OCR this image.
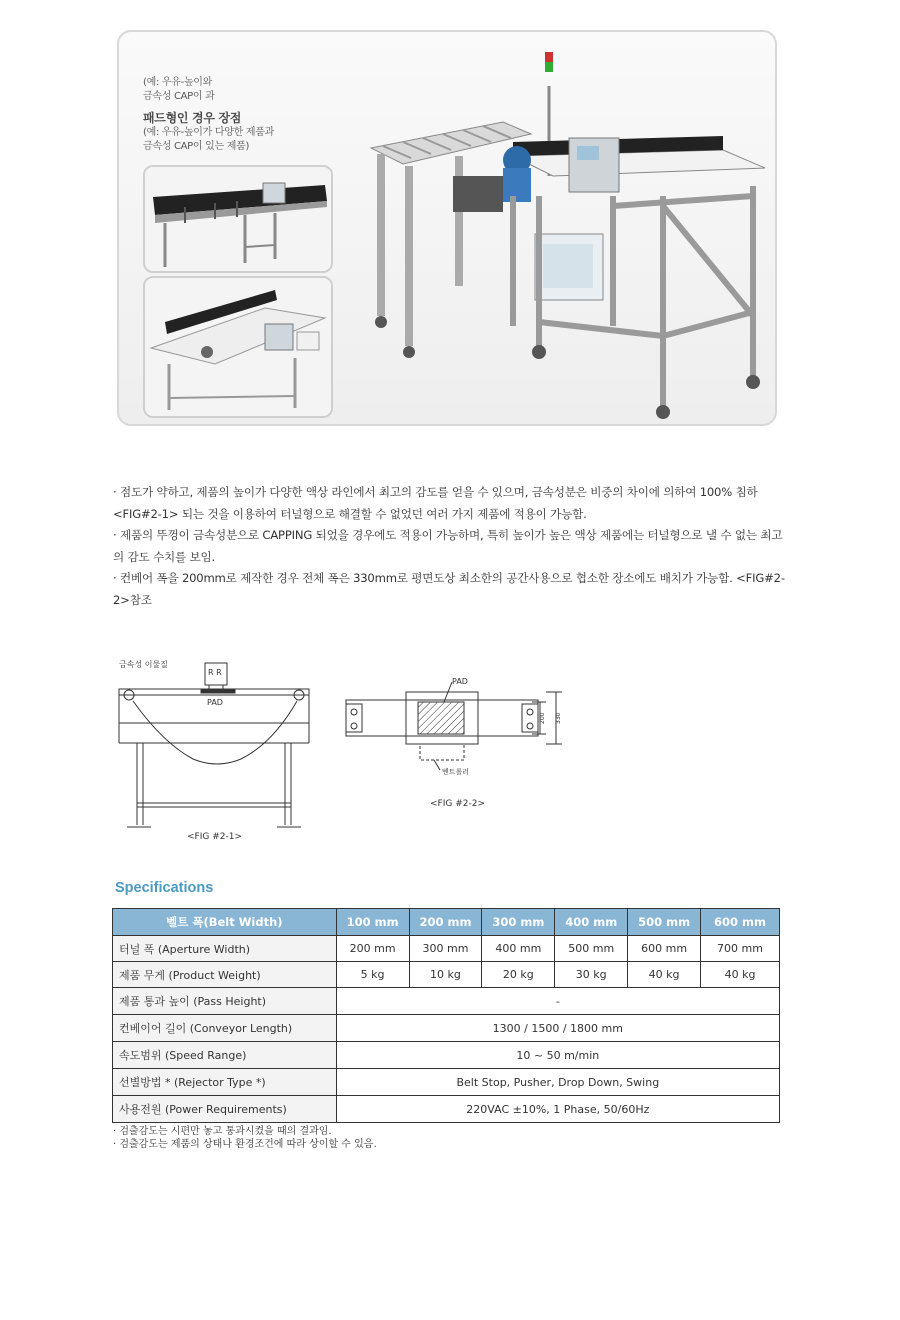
(예: 우유-높이와
금속성 CAP이 과
패드형인 경우 장점
(예: 우유-높이가 다양한 제품과
금속성 CAP이 있는 제품)

· 점도가 약하고, 제품의 높이가 다양한 액상 라인에서 최고의 감도를 얻을 수 있으며, 금속성분은 비중의 차이에 의하여 100% 침하 <FIG#2-1> 되는 것을 이용하여 터널형으로 해결할 수 없었던 여러 가지 제품에 적용이 가능함.

· 제품의 뚜껑이 금속성분으로 CAPPING 되었을 경우에도 적용이 가능하며, 특히 높이가 높은 액상 제품에는 터널형으로 낼 수 없는 최고의 감도 수치를 보임.

· 컨베어 폭을 200mm로 제작한 경우 전체 폭은 330mm로 평면도상 최소한의 공간사용으로 협소한 장소에도 배치가 가능함. <FIG#2-2>참조

금속성 이물질
R R
PAD
<FIG #2-1>
PAD
200 330
벤트롤러
<FIG #2-2>
Specifications
벨트 폭(Belt Width)	100 mm	200 mm	300 mm	400 mm	500 mm	600 mm
터널 폭 (Aperture Width)	200 mm	300 mm	400 mm	500 mm	600 mm	700 mm
제품 무게 (Product Weight)	5 kg	10 kg	20 kg	30 kg	40 kg	40 kg
제품 통과 높이 (Pass Height)	-					
컨베이어 길이 (Conveyor Length)	1300 / 1500 / 1800 mm					
속도범위 (Speed Range)	10 ~ 50 m/min					
선별방법 * (Rejector Type *)	Belt Stop, Pusher, Drop Down, Swing					
사용전원 (Power Requirements)	220VAC ±10%, 1 Phase, 50/60Hz					

· 검출감도는 시편만 놓고 통과시켰을 때의 결과임.

· 검출감도는 제품의 상태나 환경조건에 따라 상이할 수 있음.
